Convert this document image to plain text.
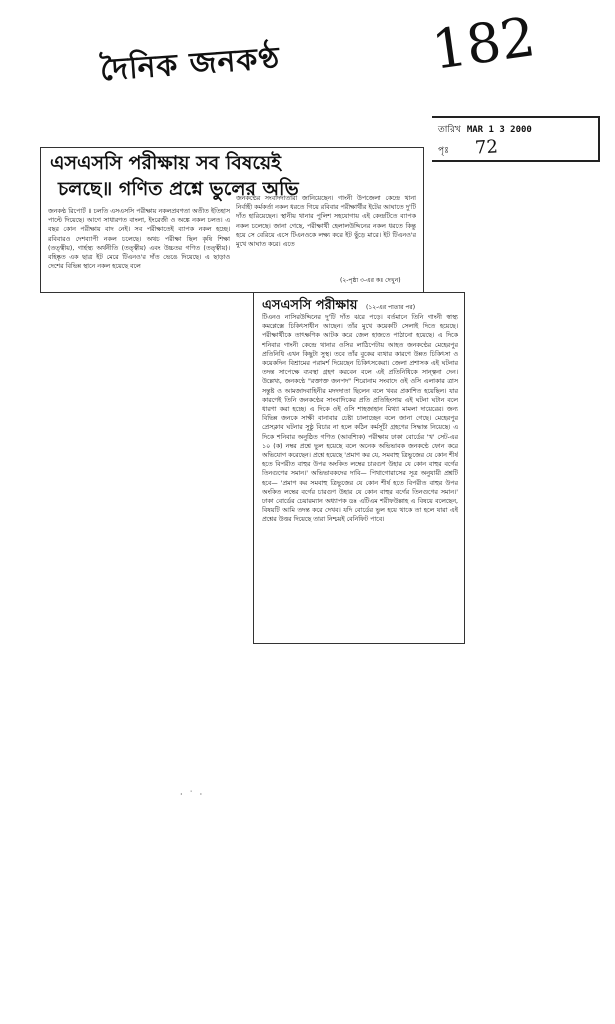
দৈনিক জনকণ্ঠ	182
তারিখ MAR 1 3 2000
পৃঃ 72
এসএসসি পরীক্ষায় সব বিষয়েই
চলছে॥ গণিত প্রশ্নে ভুলের অভি
জনকণ্ঠ রিপোর্ট ॥ চলতি এসএসসি পরীক্ষায় নকলপ্রবণতা অতীত ইতিহাস পাল্টে দিয়েছে। আগে সাধারণত বাংলা, ইংরেজী ও অঙ্কে নকল চলত। এ বছর কোন পরীক্ষায় বাদ নেই। সব পরীক্ষাতেই ব্যাপক নকল হচ্ছে। রবিবারও দেশব্যাপী নকল চলেছে। অথচ পরীক্ষা ছিল কৃষি শিক্ষা (তত্ত্বীয়), গার্হস্থ্য অর্থনীতি (তত্ত্বীয়) এবং উচ্চতর গণিত (তত্ত্বীয়)। বহিষ্কৃত এক ছাত্র ইট মেরে টিএনও'র দাঁত ভেঙে দিয়েছে। এ ছাড়াও দেশের বিভিন্ন স্থানে নকল হয়েছে বলে
জনকণ্ঠের সংবাদদাতারা জানিয়েছেন। গাংনী উপজেলা কেন্দ্রে থানা নির্বাহী কর্মকর্তা নকল ধরতে গিয়ে রবিবার পরীক্ষার্থীর ইটের আঘাতে দু'টি দাঁত হারিয়েছেন। স্থানীয় থানার পুলিশ সহযোগায় এই কেন্দ্রটিতে ব্যাপক নকল চলেছে। জানা গেছে, পরীক্ষার্থী হেলালউদ্দিনের নকল ধরতে কিন্তু হয়ে সে বেরিয়ে এসে টিএনওকে লক্ষ্য করে ইট ছুঁড়ে মারে। ইট টিএনও'র মুখে আঘাত করে। এতে
(২-পৃষ্ঠা ৩-এর কঃ দেখুন)
এসএসসি পরীক্ষায় (১২-এর পাতার পর)
টিএনও নাসিরউদ্দিনের দু'টি দাঁত ঝরে পড়ে। বর্তমানে তিনি গাংনী স্বাস্থ্য কমপ্লেক্সে চিকিৎসাধীন আছেন। তাঁর মুখে কয়েকটি সেলাই দিতে হয়েছে। পরীক্ষার্থীকে তাৎক্ষণিক আটক করে জেল হাজতে পাঠানো হয়েছে। এ দিকে শনিবার গাংনী কেন্দ্রে থানার ওসির লাঠিপেটায় আহত জনকণ্ঠের মেহেরপুর প্রতিনিধি এখন কিছুটা সুস্থ। তবে তাঁর বুকের ব্যথার কারণে উন্নত চিকিৎসা ও কয়েকদিন বিশ্রামের পরামর্শ দিয়েছেন চিকিৎসকেরা। জেলা প্রশাসক এই ঘটনার তদন্ত সাপেক্ষে ব্যবস্থা গ্রহণ করবেন বলে এই প্রতিনিধিকে সান্ত্বনা দেন। উল্লেখ্য, জনকণ্ঠে "রক্তাক্ত জনপদ" শিরোনাম সংবাদে ওই ওসি এলাকার ত্রাস সন্তুষ্ট ও আমজাদবাহিনীর মদদদাতা ছিলেন বলে খবর প্রকাশিত হয়েছিল। যার কারণেই তিনি জনকণ্ঠের সাংবাদিকের প্রতি প্রতিহিংসায় এই ঘটনা ঘটান বলে ধারণা করা হচ্ছে। এ দিকে ওই ওসি শাহজাহান মিথ্যা মামলা দায়েরের। জন্য বিভিন্ন জনকে সাক্ষী বানাবার চেষ্টা চালাচ্ছেন বলে জানা গেছে। মেহেরপুর প্রেসক্লাব ঘটনার সুষ্ঠু বিচার না হলে কঠিন কর্মসূচী গ্রহণের সিদ্ধান্ত নিয়েছে। এ দিকে শনিবার অনুষ্ঠিত গণিত (আবশ্যিক) পরীক্ষায় ঢাকা বোর্ডের 'খ' সেট-এর ১০ (ক) নম্বর প্রশ্নে ভুল হয়েছে বলে অনেক অভিভাবক জনকণ্ঠে ফোন করে অভিযোগ করেছেন। প্রশ্নে হয়েছে 'প্রমাণ কর যে, সমবাহু ত্রিভুজের যে কোন শীর্ষ হতে বিপরীত বাহুর উপর অংকিত লম্বের চারগুণ উহার যে কোন বাহুর বর্গের তিনগুণের সমান।' অভিভাবকদের দাবি— পিথাগোরাসের সূত্র অনুযায়ী প্রশ্নটি হবে— 'প্রমাণ কর সমবাহু ত্রিভুজের যে কোন শীর্ষ হতে বিপরীত বাহুর উপর অংকিত লম্বের বর্গের চারগুণ উহার যে কোন বাহুর বর্গের তিনগুণের সমান।' ঢাকা বোর্ডের চেয়ারম্যান অধ্যাপক ডঃ এটিএম শরীফউল্লাহ এ বিষয়ে বলেছেন, বিষয়টি আমি তদন্ত করে দেখব। যদি বোর্ডের ভুল হয়ে থাকে তা হলে যারা এই প্রশ্নের উত্তর দিয়েছে তারা নিশ্চয়ই বেনিফিট পাবে।
· ˙ ·
